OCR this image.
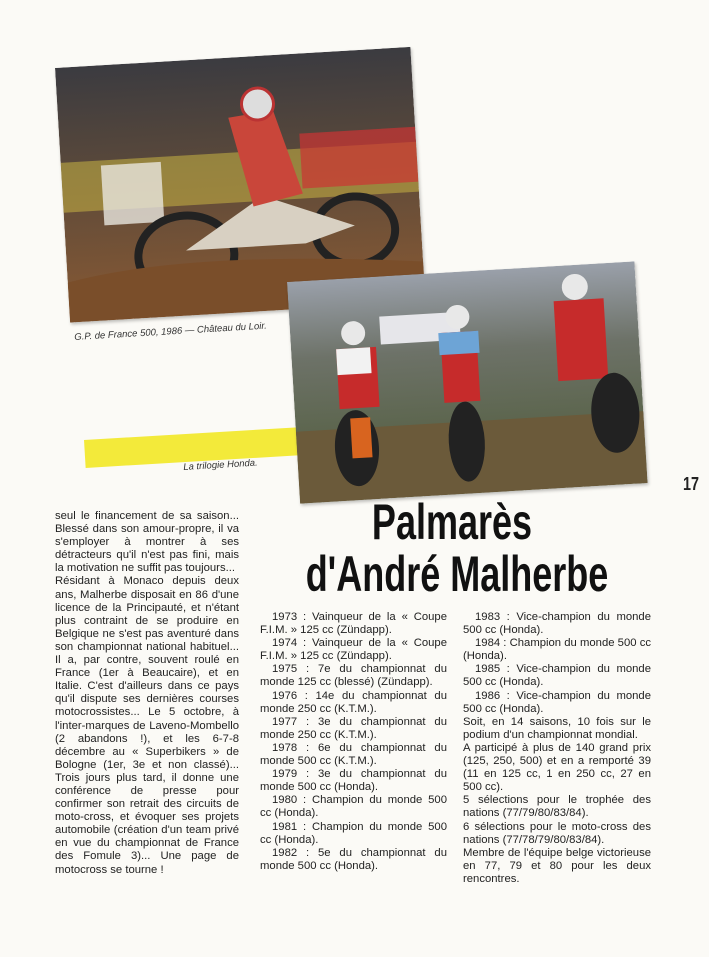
G.P. de France 500, 1986 — Château du Loir.
La trilogie Honda.
17

seul le financement de sa saison... Blessé dans son amour-propre, il va s'employer à montrer à ses détracteurs qu'il n'est pas fini, mais la motivation ne suffit pas toujours...

Résidant à Monaco depuis deux ans, Malherbe disposait en 86 d'une licence de la Principauté, et n'étant plus contraint de se produire en Belgique ne s'est pas aventuré dans son championnat national habituel... Il a, par contre, souvent roulé en France (1er à Beaucaire), et en Italie. C'est d'ailleurs dans ce pays qu'il dispute ses dernières courses motocrossistes... Le 5 octobre, à l'inter-marques de Laveno-Mombello (2 abandons !), et les 6-7-8 décembre au « Superbikers » de Bologne (1er, 3e et non classé)... Trois jours plus tard, il donne une conférence de presse pour confirmer son retrait des circuits de moto-cross, et évoquer ses projets automobile (création d'un team privé en vue du championnat de France des Fomule 3)... Une page de motocross se tourne !

Palmarès
d'André Malherbe

1973 : Vainqueur de la « Coupe F.I.M. » 125 cc (Zündapp).

1974 : Vainqueur de la « Coupe F.I.M. » 125 cc (Zündapp).

1975 : 7e du championnat du monde 125 cc (blessé) (Zündapp).

1976 : 14e du championnat du monde 250 cc (K.T.M.).

1977 : 3e du championnat du monde 250 cc (K.T.M.).

1978 : 6e du championnat du monde 500 cc (K.T.M.).

1979 : 3e du championnat du monde 500 cc (Honda).

1980 : Champion du monde 500 cc (Honda).

1981 : Champion du monde 500 cc (Honda).

1982 : 5e du championnat du monde 500 cc (Honda).

1983 : Vice-champion du monde 500 cc (Honda).

1984 : Champion du monde 500 cc (Honda).

1985 : Vice-champion du monde 500 cc (Honda).

1986 : Vice-champion du monde 500 cc (Honda).

Soit, en 14 saisons, 10 fois sur le podium d'un championnat mondial.

A participé à plus de 140 grand prix (125, 250, 500) et en a remporté 39 (11 en 125 cc, 1 en 250 cc, 27 en 500 cc).

5 sélections pour le trophée des nations (77/79/80/83/84).

6 sélections pour le moto-cross des nations (77/78/79/80/83/84).

Membre de l'équipe belge victorieuse en 77, 79 et 80 pour les deux rencontres.
